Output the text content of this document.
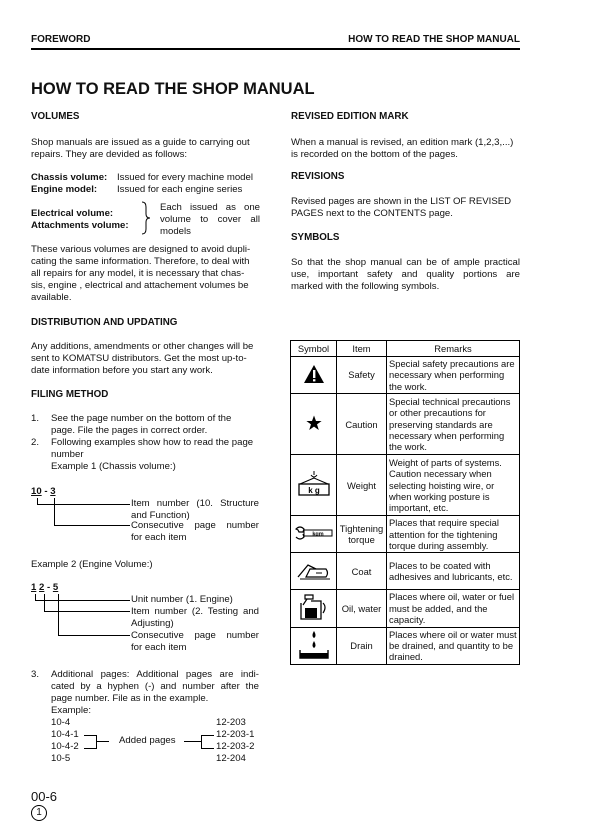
FOREWORD	HOW TO READ THE SHOP MANUAL
HOW TO READ THE SHOP MANUAL
VOLUMES
Shop manuals are issued as a guide to carrying out
repairs. They are devided as follows:
Chassis volume: Issued for every machine model
Engine model: Issued for each engine series
Electrical volume:
Attachments volume:
Each issued as one
volume to cover all
models
These various volumes are designed to avoid dupli-
cating the same information. Therefore, to deal with
all repairs for any model, it is necessary that chas-
sis, engine , electrical and attachement volumes be
available.
DISTRIBUTION AND UPDATING
Any additions, amendments or other changes will be
sent to KOMATSU distributors. Get the most up-to-
date information before you start any work.
FILING METHOD
1. See the page number on the bottom of the
page. File the pages in correct order.
2. Following examples show how to read the page
number
Example 1 (Chassis volume:)
10 - 3
Item number (10. Structure
and Function)
Consecutive page number
for each item
Example 2 (Engine Volume:)
1 2 - 5
Unit number (1. Engine)
Item number (2. Testing and
Adjusting)
Consecutive page number
for each item
3. Additional pages: Additional pages are indi-
cated by a hyphen (-) and number after the
page number. File as in the example.
Example:
10-4
10-4-1
10-4-2
10-5
12-203
12-203-1
12-203-2
12-204
Added pages
REVISED EDITION MARK
When a manual is revised, an edition mark (1,2,3,...)
is recorded on the bottom of the pages.
REVISIONS
Revised pages are shown in the LIST OF REVISED
PAGES next to the CONTENTS page.
SYMBOLS
So that the shop manual can be of ample practical
use, important safety and quality portions are
marked with the following symbols.
Symbol	Item	Remarks
	Safety	Special safety precautions are necessary when performing the work.
	Caution	Special technical precautions or other precautions for preserving standards are necessary when performing the work.

k g	Weight	Weight of parts of systems. Caution necessary when selecting hoisting wire, or when working posture is important, etc.

kgm	Tightening torque	Places that require special attention for the tightening torque during assembly.
	Coat	Places to be coated with adhesives and lubricants, etc.
	Oil, water	Places where oil, water or fuel must be added, and the capacity.
	Drain	Places where oil or water must be drained, and quantity to be drained.
00-6
1
